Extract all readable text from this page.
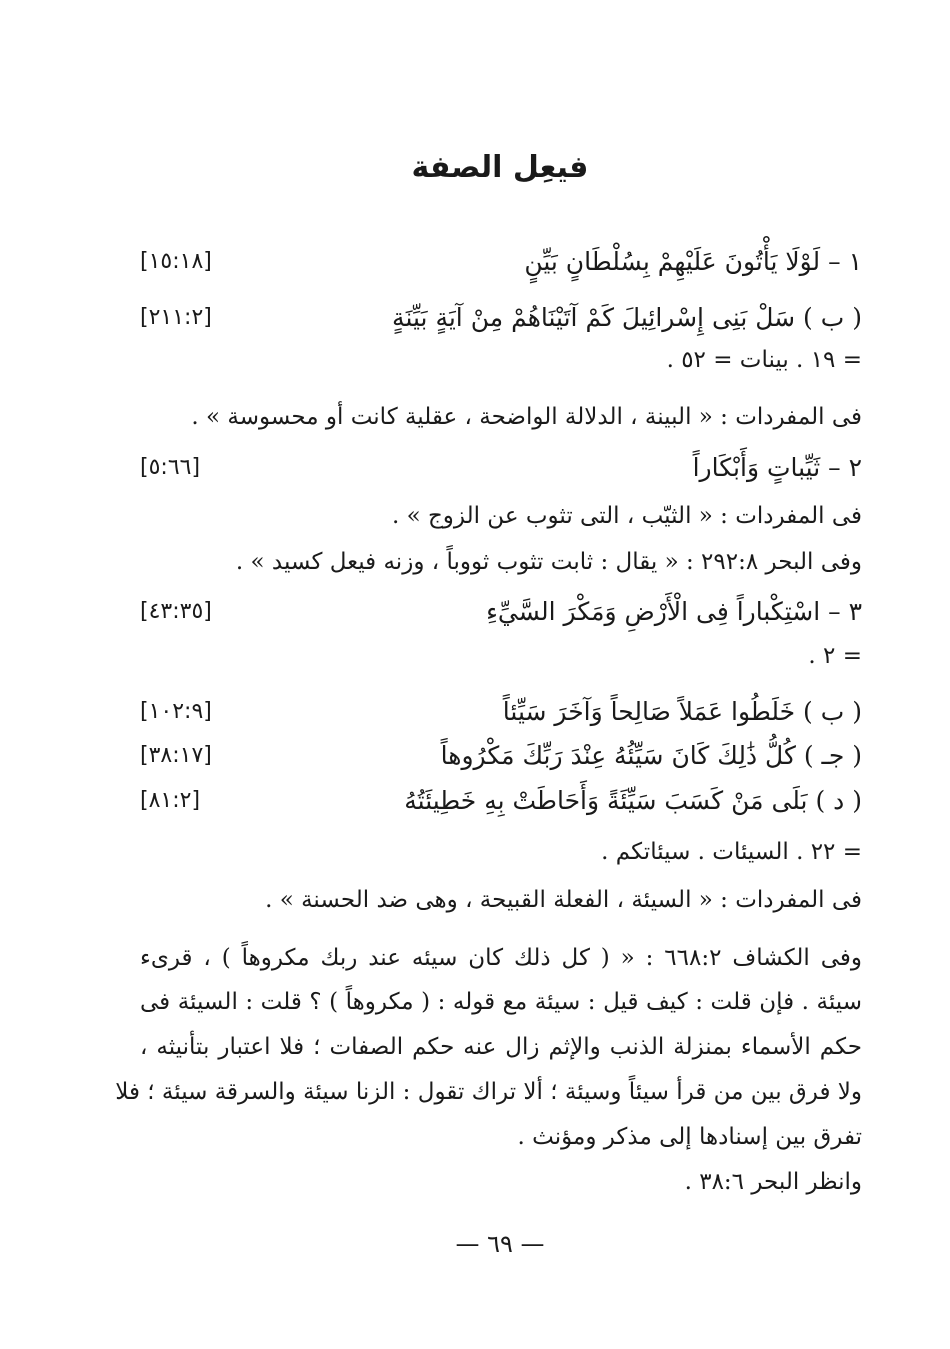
فيعِل الصفة
١ – لَوْلَا يَأْتُونَ عَلَيْهِمْ بِسُلْطَانٍ بَيِّنٍ
[١٥:١٨]
( ب ) سَلْ بَنِى إِسْرائِيلَ كَمْ آتَيْنَاهُمْ مِنْ آيَةٍ بَيِّنَةٍ
[٢١١:٢]
= ١٩ . بينات = ٥٢ .
فى المفردات : « البينة ، الدلالة الواضحة ، عقلية كانت أو محسوسة » .
٢ – ثَيِّباتٍ وَأَبْكَاراً
[٥:٦٦]
فى المفردات : « الثيّب ، التى تثوب عن الزوج » .
وفى البحر ٢٩٢:٨ : « يقال : ثابت تثوب ثووباً ، وزنه فيعل كسيد » .
٣ – اسْتِكْباراً فِى الْأَرْضِ وَمَكْرَ السَّيِّءِ
[٤٣:٣٥]
= ٢ .
( ب ) خَلَطُوا عَمَلاً صَالِحاً وَآخَرَ سَيِّئاً
[١٠٢:٩]
( جـ ) كُلُّ ذَٰلِكَ كَانَ سَيِّئُهُ عِنْدَ رَبِّكَ مَكْرُوهاً
[٣٨:١٧]
( د ) بَلَى مَنْ كَسَبَ سَيِّئَةً وَأَحَاطَتْ بِهِ خَطِيئَتُهُ
[٨١:٢]
= ٢٢ . السيئات . سيئاتكم .
فى المفردات : « السيئة ، الفعلة القبيحة ، وهى ضد الحسنة » .
وفى الكشاف ٦٦٨:٢ : « ( كل ذلك كان سيئه عند ربك مكروهاً ) ، قرىء
سيئة . فإن قلت : كيف قيل : سيئة مع قوله : ( مكروهاً ) ؟ قلت : السيئة فى
حكم الأسماء بمنزلة الذنب والإثم زال عنه حكم الصفات ؛ فلا اعتبار بتأنيثه ،
ولا فرق بين من قرأ سيئاً وسيئة ؛ ألا تراك تقول : الزنا سيئة والسرقة سيئة ؛ فلا
تفرق بين إسنادها إلى مذكر ومؤنث .
وانظر البحر ٣٨:٦ .
— ٦٩ —
